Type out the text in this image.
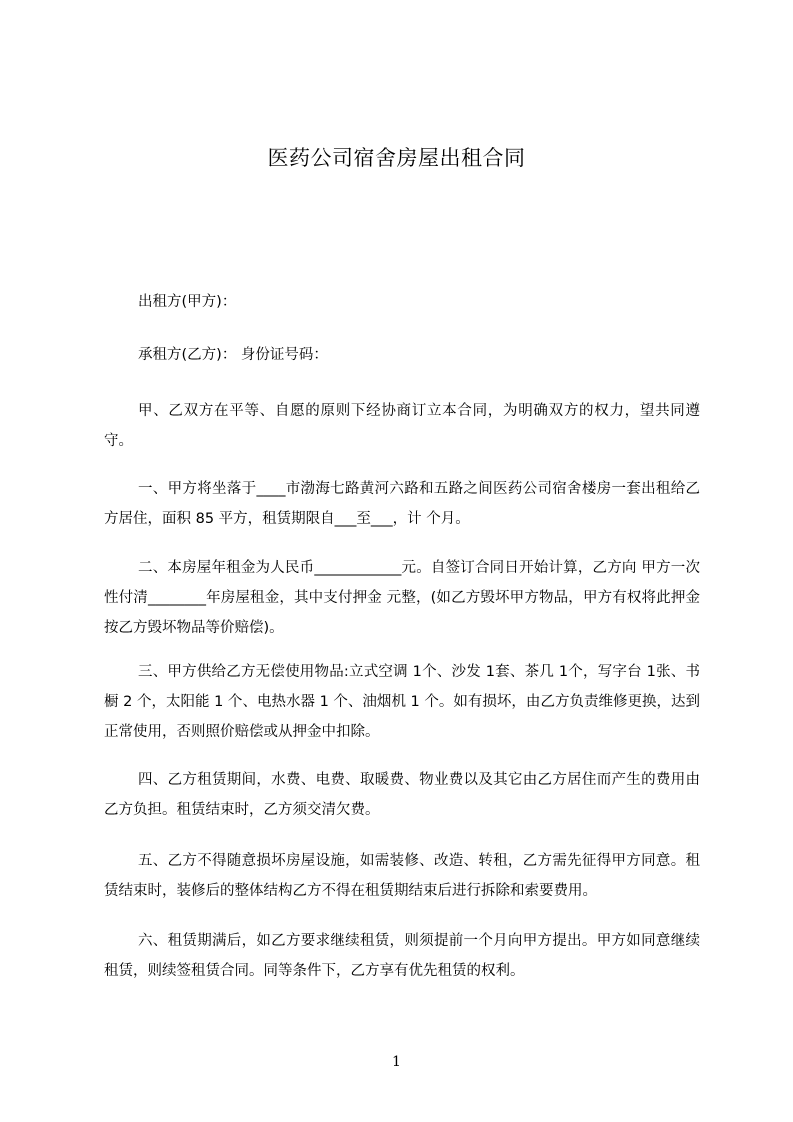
医药公司宿舍房屋出租合同
出租方(甲方)：
承租方(乙方)： 身份证号码：
甲、乙双方在平等、自愿的原则下经协商订立本合同，为明确双方的权力，望共同遵守。
一、甲方将坐落于____市渤海七路黄河六路和五路之间医药公司宿舍楼房一套出租给乙方居住，面积 85 平方，租赁期限自___至___，计 个月。
二、本房屋年租金为人民币____________元。自签订合同日开始计算，乙方向 甲方一次性付清________年房屋租金，其中支付押金 元整，(如乙方毁坏甲方物品，甲方有权将此押金按乙方毁坏物品等价赔偿)。
三、甲方供给乙方无偿使用物品:立式空调 1个、沙发 1套、茶几 1个，写字台 1张、书橱 2 个，太阳能 1 个、电热水器 1 个、油烟机 1 个。如有损坏，由乙方负责维修更换，达到正常使用，否则照价赔偿或从押金中扣除。
四、乙方租赁期间，水费、电费、取暖费、物业费以及其它由乙方居住而产生的费用由乙方负担。租赁结束时，乙方须交清欠费。
五、乙方不得随意损坏房屋设施，如需装修、改造、转租，乙方需先征得甲方同意。租赁结束时，装修后的整体结构乙方不得在租赁期结束后进行拆除和索要费用。
六、租赁期满后，如乙方要求继续租赁，则须提前一个月向甲方提出。甲方如同意继续租赁，则续签租赁合同。同等条件下，乙方享有优先租赁的权利。
1
